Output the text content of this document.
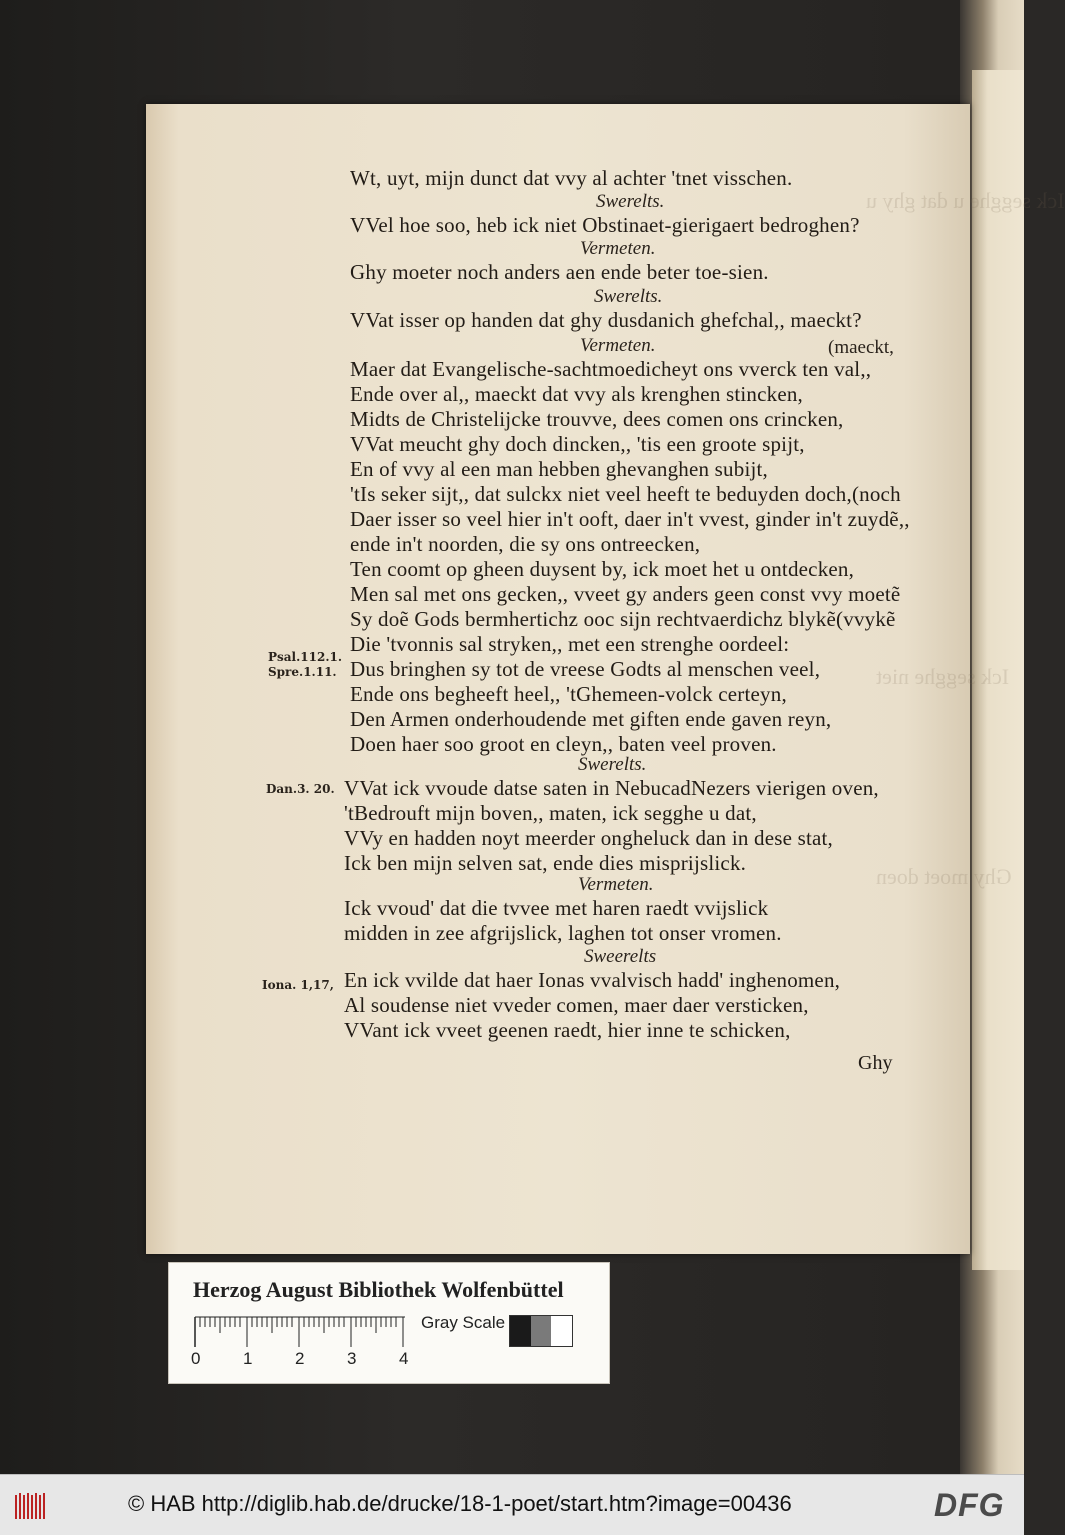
Ick segghe u dat ghy u
Ick segghe niet
Ghy moet doen
Wt, uyt, mijn dunct dat vvy al achter 'tnet visschen.
Swerelts.
VVel hoe soo, heb ick niet Obstinaet-gierigaert bedroghen?
Vermeten.
Ghy moeter noch anders aen ende beter toe-sien.
Swerelts.
VVat isser op handen dat ghy dusdanich ghefchal,, maeckt?
Vermeten.	(maeckt,
Maer dat Evangelische-sachtmoedicheyt ons vverck ten val,,
Ende over al,, maeckt dat vvy als krenghen stincken,
Midts de Christelijcke trouvve, dees comen ons crincken,
VVat meucht ghy doch dincken,, 'tis een groote spijt,
En of vvy al een man hebben ghevanghen subijt,
'tIs seker sijt,, dat sulckx niet veel heeft te beduyden doch,(noch
Daer isser so veel hier in't ooft, daer in't vvest, ginder in't zuydẽ,,
ende in't noorden, die sy ons ontreecken,
Ten coomt op gheen duysent by, ick moet het u ontdecken,
Men sal met ons gecken,, vveet gy anders geen const vvy moetẽ
Sy doẽ Gods bermhertichz ooc sijn rechtvaerdichz blykẽ(vvykẽ
Die 'tvonnis sal stryken,, met een strenghe oordeel:
Psal.112.1.
Spre.1.11. Dus bringhen sy tot de vreese Godts al menschen veel,
Ende ons begheeft heel,, 'tGhemeen-volck certeyn,
Den Armen onderhoudende met giften ende gaven reyn,
Doen haer soo groot en cleyn,, baten veel proven.
Swerelts.
Dan.3. 20. VVat ick vvoude datse saten in NebucadNezers vierigen oven,
'tBedrouft mijn boven,, maten, ick segghe u dat,
VVy en hadden noyt meerder ongheluck dan in dese stat,
Ick ben mijn selven sat, ende dies misprijslick.
Vermeten.
Ick vvoud' dat die tvvee met haren raedt vvijslick
midden in zee afgrijslick, laghen tot onser vromen.
Sweerelts
Iona. 1,17, En ick vvilde dat haer Ionas vvalvisch hadd' inghenomen,
Al soudense niet vveder comen, maer daer versticken,
VVant ick vveet geenen raedt, hier inne te schicken,
Ghy
Herzog August Bibliothek Wolfenbüttel
0	1	2	3	4
Gray Scale
© HAB http://diglib.hab.de/drucke/18-1-poet/start.htm?image=00436	DFG
